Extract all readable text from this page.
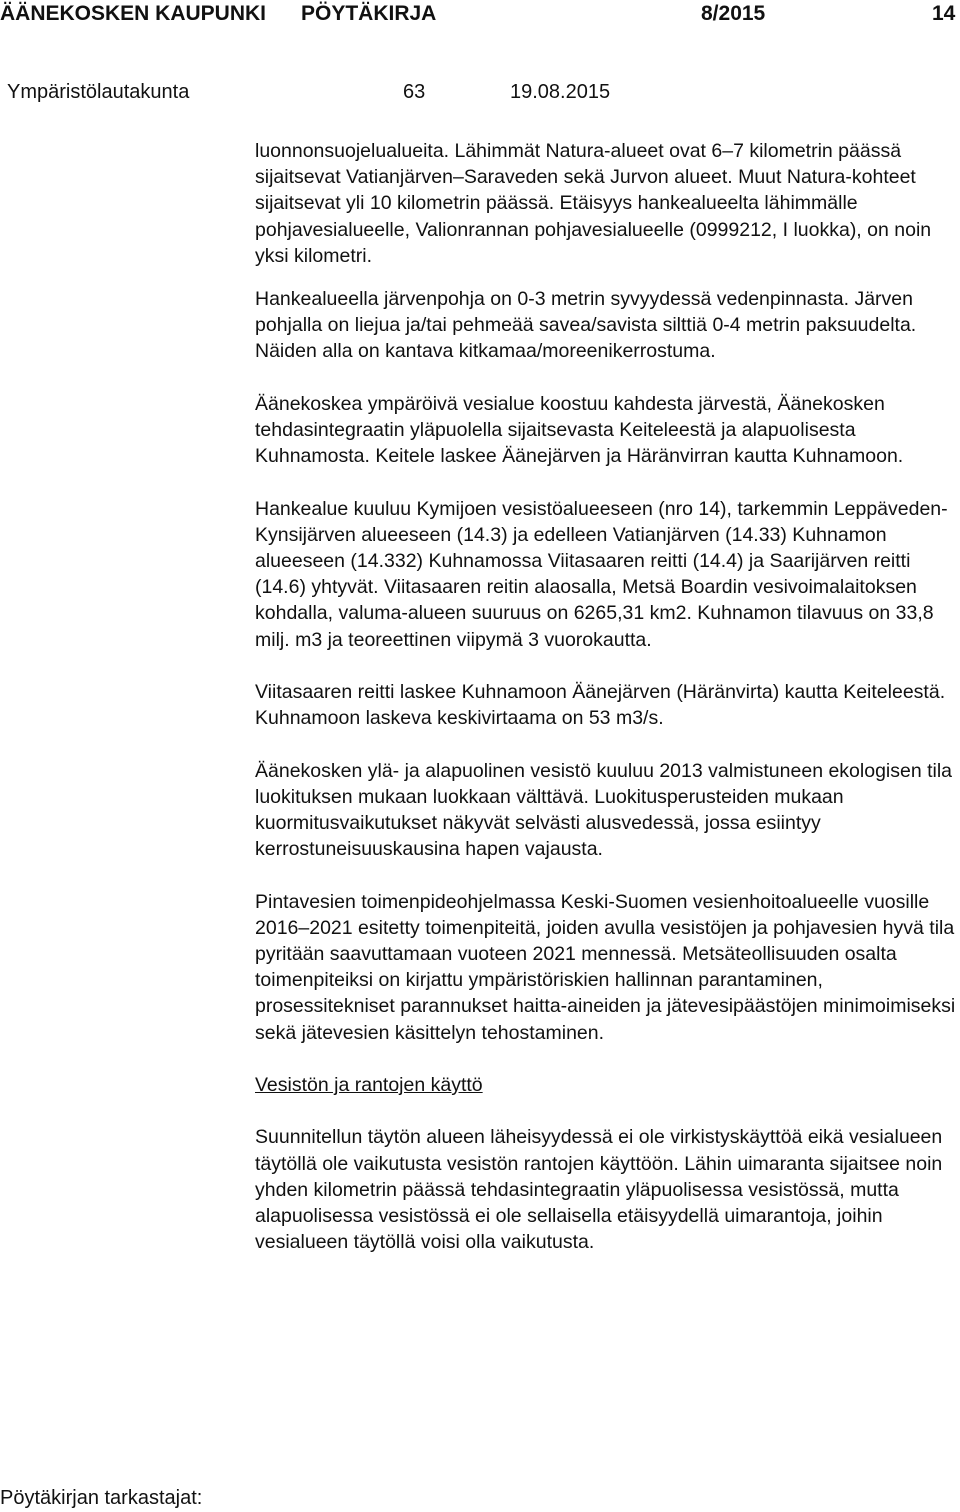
ÄÄNEKOSKEN KAUPUNKI PÖYTÄKIRJA	8/2015	14
Ympäristölautakunta	63	19.08.2015

luonnonsuojelualueita. Lähimmät Natura-alueet ovat 6–7 kilometrin päässä sijaitsevat Vatianjärven–Saraveden sekä Jurvon alueet. Muut Natura-kohteet sijaitsevat yli 10 kilometrin päässä. Etäisyys hankealueelta lähimmälle pohjavesialueelle, Valionrannan pohjavesialueelle (0999212, I luokka), on noin yksi kilometri.

Hankealueella järvenpohja on 0-3 metrin syvyydessä vedenpinnasta. Järven pohjalla on liejua ja/tai pehmeää savea/savista silttiä 0-4 metrin paksuudelta. Näiden alla on kantava kitkamaa/moreenikerrostuma.

Äänekoskea ympäröivä vesialue koostuu kahdesta järvestä, Äänekosken tehdasintegraatin yläpuolella sijaitsevasta Keiteleestä ja alapuolisesta Kuhnamosta. Keitele laskee Äänejärven ja Häränvirran kautta Kuhnamoon.

Hankealue kuuluu Kymijoen vesistöalueeseen (nro 14), tarkemmin Leppäveden-Kynsijärven alueeseen (14.3) ja edelleen Vatianjärven (14.33) Kuhnamon alueeseen (14.332) Kuhnamossa Viitasaaren reitti (14.4) ja Saarijärven reitti (14.6) yhtyvät. Viitasaaren reitin alaosalla, Metsä Boardin vesivoimalaitoksen kohdalla, valuma-alueen suuruus on 6265,31 km2. Kuhnamon tilavuus on 33,8 milj. m3 ja teoreettinen viipymä 3 vuorokautta.

Viitasaaren reitti laskee Kuhnamoon Äänejärven (Häränvirta) kautta Keiteleestä. Kuhnamoon laskeva keskivirtaama on 53 m3/s.

Äänekosken ylä- ja alapuolinen vesistö kuuluu 2013 valmistuneen ekologisen tila luokituksen mukaan luokkaan välttävä. Luokitusperusteiden mukaan kuormitusvaikutukset näkyvät selvästi alusvedessä, jossa esiintyy kerrostuneisuuskausina hapen vajausta.

Pintavesien toimenpideohjelmassa Keski-Suomen vesienhoitoalueelle vuosille 2016–2021 esitetty toimenpiteitä, joiden avulla vesistöjen ja pohjavesien hyvä tila pyritään saavuttamaan vuoteen 2021 mennessä. Metsäteollisuuden osalta toimenpiteiksi on kirjattu ympäristöriskien hallinnan parantaminen, prosessitekniset parannukset haitta-aineiden ja jätevesipäästöjen minimoimiseksi sekä jätevesien käsittelyn tehostaminen.

Vesistön ja rantojen käyttö

Suunnitellun täytön alueen läheisyydessä ei ole virkistyskäyttöä eikä vesialueen täytöllä ole vaikutusta vesistön rantojen käyttöön. Lähin uimaranta sijaitsee noin yhden kilometrin päässä tehdasintegraatin yläpuolisessa vesistössä, mutta alapuolisessa vesistössä ei ole sellaisella etäisyydellä uimarantoja, joihin vesialueen täytöllä voisi olla vaikutusta.

Pöytäkirjan tarkastajat:
